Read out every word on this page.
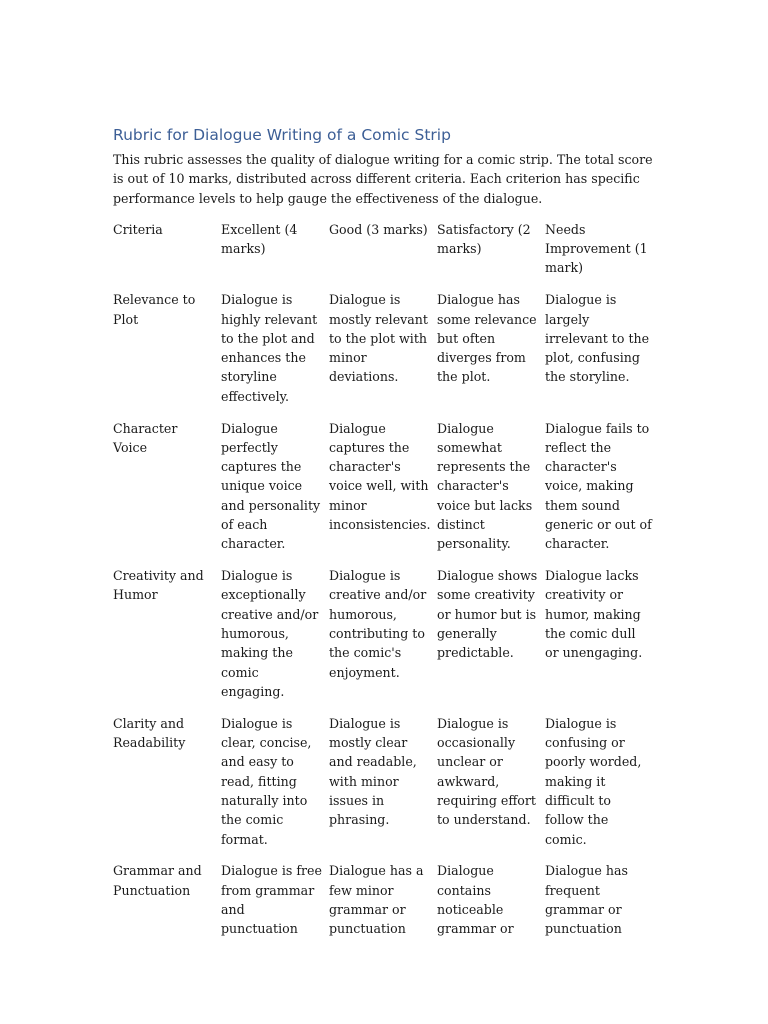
Rubric for Dialogue Writing of a Comic Strip

This rubric assesses the quality of dialogue writing for a comic strip. The total score is out of 10 marks, distributed across different criteria. Each criterion has specific performance levels to help gauge the effectiveness of the dialogue.

Criteria	Excellent (4 marks)	Good (3 marks)	Satisfactory (2 marks)	Needs Improvement (1 mark)
Relevance to Plot	Dialogue is highly relevant to the plot and enhances the storyline effectively.	Dialogue is mostly relevant to the plot with minor deviations.	Dialogue has some relevance but often diverges from the plot.	Dialogue is largely irrelevant to the plot, confusing the storyline.
Character Voice	Dialogue perfectly captures the unique voice and personality of each character.	Dialogue captures the character's voice well, with minor inconsistencies.	Dialogue somewhat represents the character's voice but lacks distinct personality.	Dialogue fails to reflect the character's voice, making them sound generic or out of character.
Creativity and Humor	Dialogue is exceptionally creative and/or humorous, making the comic engaging.	Dialogue is creative and/or humorous, contributing to the comic's enjoyment.	Dialogue shows some creativity or humor but is generally predictable.	Dialogue lacks creativity or humor, making the comic dull or unengaging.
Clarity and Readability	Dialogue is clear, concise, and easy to read, fitting naturally into the comic format.	Dialogue is mostly clear and readable, with minor issues in phrasing.	Dialogue is occasionally unclear or awkward, requiring effort to understand.	Dialogue is confusing or poorly worded, making it difficult to follow the comic.
Grammar and Punctuation	Dialogue is free from grammar and punctuation	Dialogue has a few minor grammar or punctuation	Dialogue contains noticeable grammar or	Dialogue has frequent grammar or punctuation
